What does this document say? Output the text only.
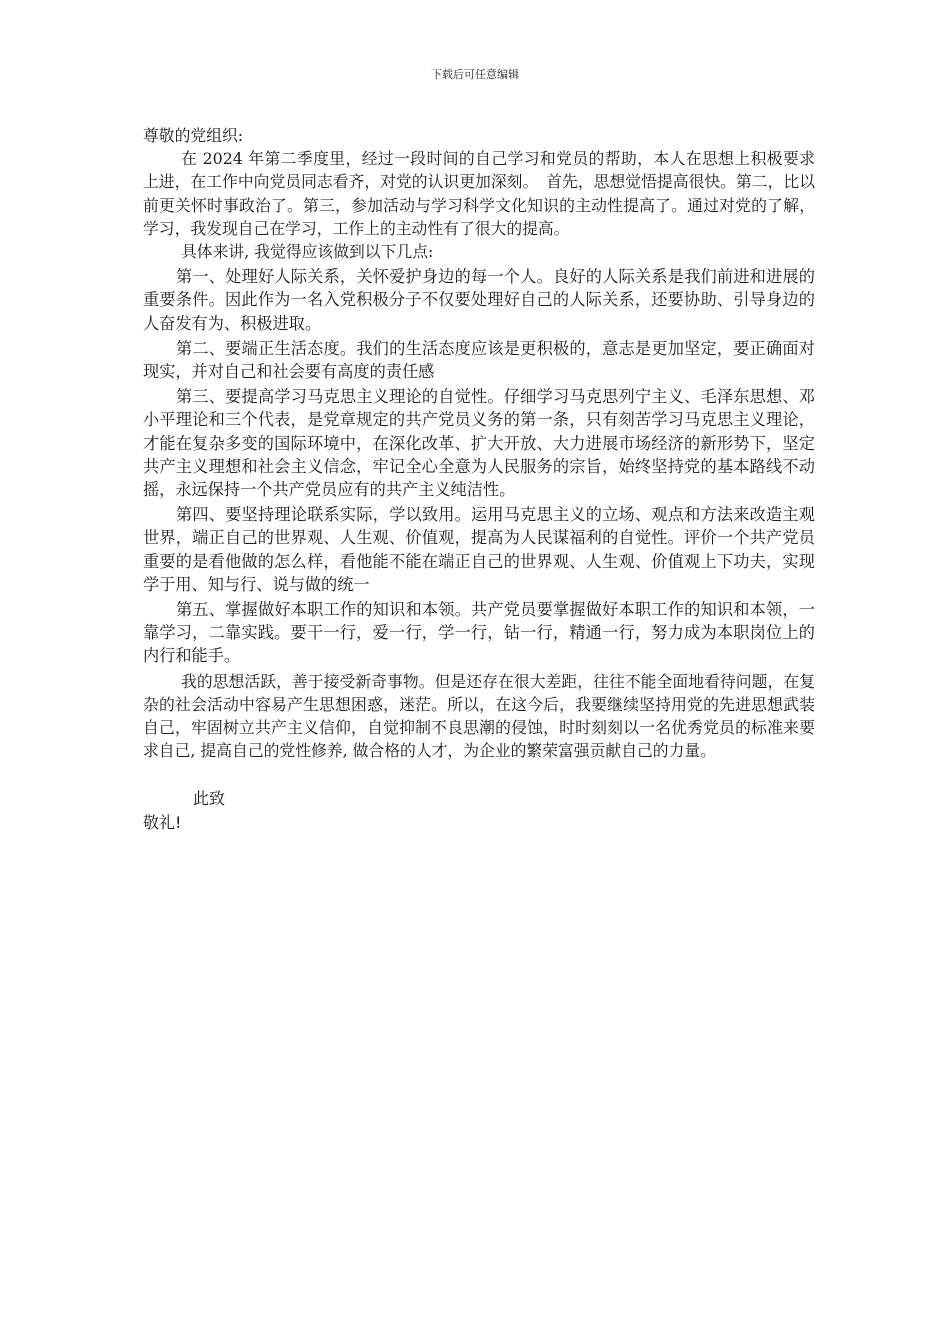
下载后可任意编辑

尊敬的党组织:

在 2024 年第二季度里，经过一段时间的自己学习和党员的帮助，本人在思想上积极要求上进，在工作中向党员同志看齐，对党的认识更加深刻。　首先，思想觉悟提高很快。第二，比以前更关怀时事政治了。第三，参加活动与学习科学文化知识的主动性提高了。通过对党的了解，学习，我发现自己在学习，工作上的主动性有了很大的提高。

具体来讲, 我觉得应该做到以下几点:

第一、处理好人际关系，关怀爱护身边的每一个人。良好的人际关系是我们前进和进展的重要条件。因此作为一名入党积极分子不仅要处理好自己的人际关系，还要协助、引导身边的人奋发有为、积极进取。

第二、要端正生活态度。我们的生活态度应该是更积极的，意志是更加坚定，要正确面对现实，并对自己和社会要有高度的责任感

第三、要提高学习马克思主义理论的自觉性。仔细学习马克思列宁主义、毛泽东思想、邓小平理论和三个代表，是党章规定的共产党员义务的第一条，只有刻苦学习马克思主义理论，才能在复杂多变的国际环境中，在深化改革、扩大开放、大力进展市场经济的新形势下，坚定共产主义理想和社会主义信念，牢记全心全意为人民服务的宗旨，始终坚持党的基本路线不动摇，永远保持一个共产党员应有的共产主义纯洁性。

第四、要坚持理论联系实际，学以致用。运用马克思主义的立场、观点和方法来改造主观世界，端正自己的世界观、人生观、价值观，提高为人民谋福利的自觉性。评价一个共产党员重要的是看他做的怎么样，看他能不能在端正自己的世界观、人生观、价值观上下功夫，实现学于用、知与行、说与做的统一

第五、掌握做好本职工作的知识和本领。共产党员要掌握做好本职工作的知识和本领，一靠学习，二靠实践。要干一行，爱一行，学一行，钻一行，精通一行，努力成为本职岗位上的内行和能手。

我的思想活跃，善于接受新奇事物。但是还存在很大差距，往往不能全面地看待问题，在复杂的社会活动中容易产生思想困惑，迷茫。所以，在这今后，我要继续坚持用党的先进思想武装自己，牢固树立共产主义信仰，自觉抑制不良思潮的侵蚀，时时刻刻以一名优秀党员的标准来要求自己, 提高自己的党性修养, 做合格的人才，为企业的繁荣富强贡献自己的力量。

此致

敬礼!
